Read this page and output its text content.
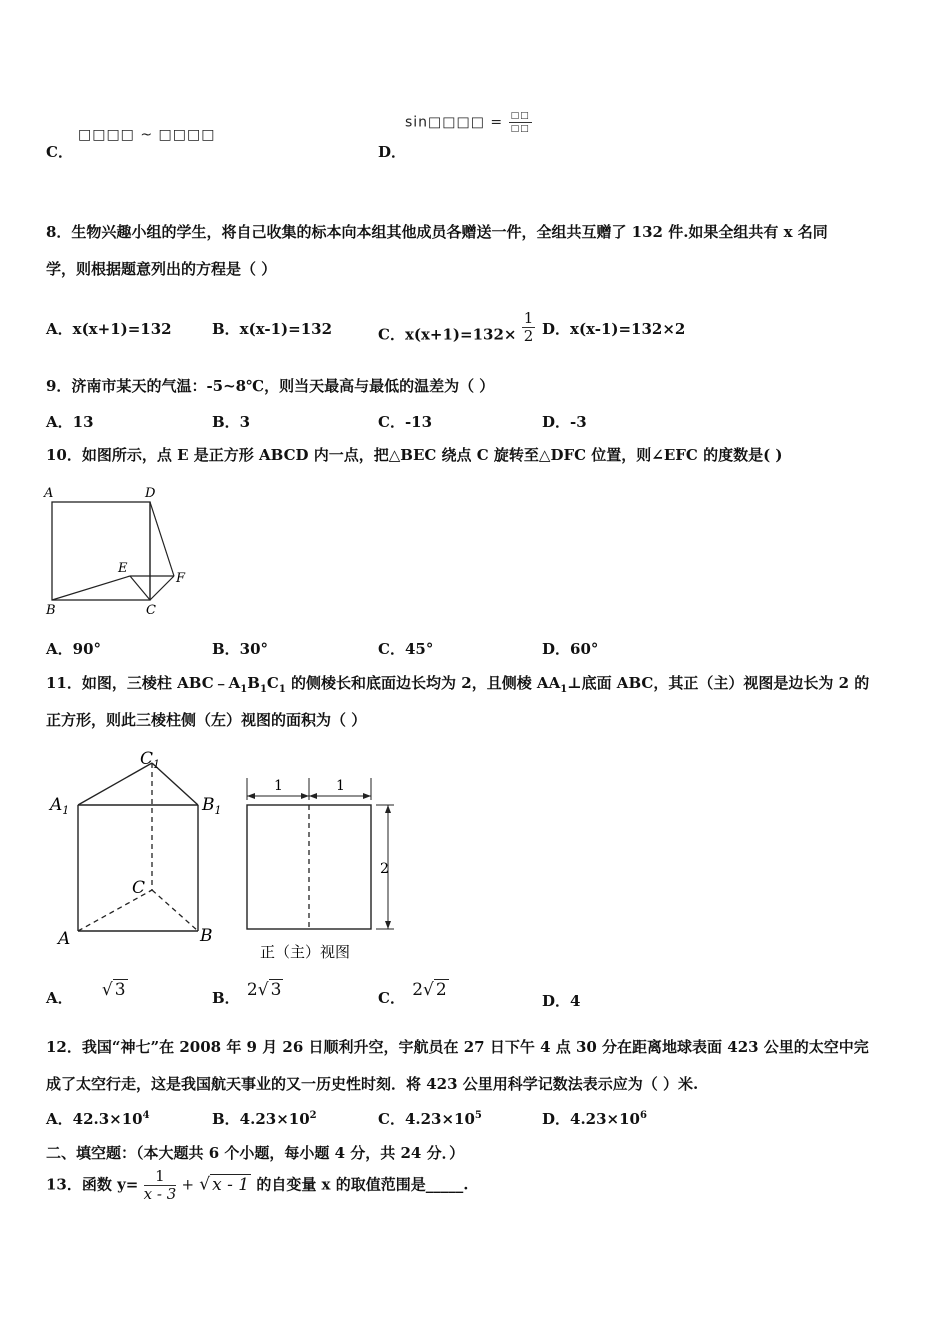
C．
□□□□ ~ □□□□
D．
sin□□□□ = $\frac{□□}{□□}$
8．生物兴趣小组的学生，将自己收集的标本向本组其他成员各赠送一件，全组共互赠了 132 件.如果全组共有 x 名同
学，则根据题意列出的方程是（ ）
A．x(x+1)=132	B．x(x-1)=132	C．$x(x+1)=132\times \frac{1}{2}$ D．x(x-1)=132×2
9．济南市某天的气温：-5~8℃，则当天最高与最低的温差为（ ）
A．13	B．3	C．-13	D．-3
10．如图所示，点 E 是正方形 ABCD 内一点，把△BEC 绕点 C 旋转至△DFC 位置，则∠EFC 的度数是( )
A	D
B	C
E
F
A．90°	B．30°	C．45°	D．60°
11．如图，三棱柱 $ABC﹣A_1B_1C_1$ 的侧棱长和底面边长均为 2，且侧棱 $AA_1\perp$底面 ABC，其正（主）视图是边长为 2 的
正方形，则此三棱柱侧（左）视图的面积为（ ）
$C_1$
$A_1$	$B_1$
C
A	B
1	1
2
正（主）视图
A． √ 3	B． 2√ 3	C． 2√ 2
D．4
12．我国“神七”在 2008 年 9 月 26 日顺利升空，宇航员在 27 日下午 4 点 30 分在距离地球表面 423 公里的太空中完
成了太空行走，这是我国航天事业的又一历史性时刻．将 423 公里用科学记数法表示应为（ ）米.
A．$42.3\times 10^4$	B．$4.23\times 10^2$	C．$4.23\times 10^5$	D．$4.23\times 10^6$
二、填空题：（本大题共 6 个小题，每小题 4 分，共 24 分．）
13．函数 $y= \frac{1}{x - 3}$ + √ x - 1 的自变量 x 的取值范围是_____.
